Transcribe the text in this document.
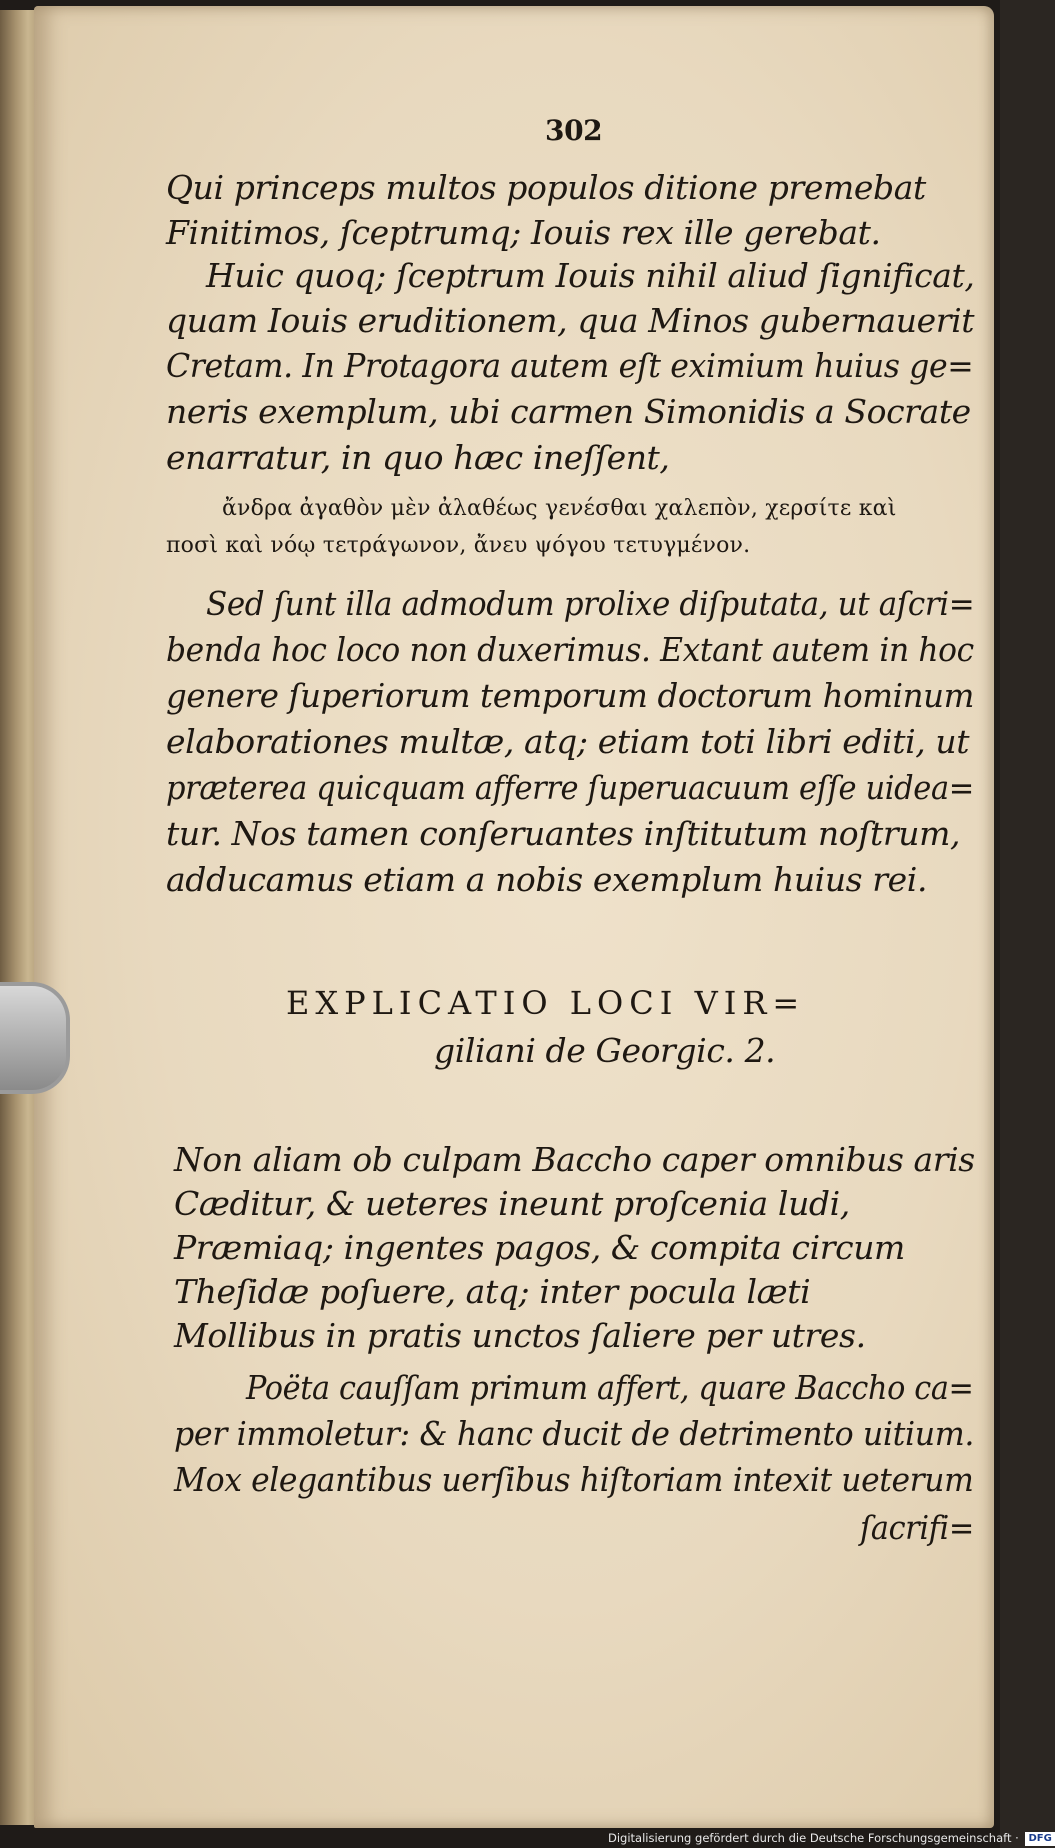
302

Qui princeps multos populos ditione premebat

Finitimos, ſceptrumq; Iouis rex ille gerebat.

Huic quoq; ſceptrum Iouis nihil aliud ſignificat,

quam Iouis eruditionem, qua Minos gubernauerit

Cretam. In Protagora autem eſt eximium huius ge=

neris exemplum, ubi carmen Simonidis a Socrate

enarratur, in quo hæc ineſſent,

ἄνδρα ἀγαθὸν μὲν ἀλαθέως γενέσθαι χαλεπὸν, χερσίτε καὶ

ποσὶ καὶ νόῳ τετράγωνον, ἄνευ ψόγου τετυγμένον.

Sed ſunt illa admodum prolixe diſputata, ut aſcri=

benda hoc loco non duxerimus. Extant autem in hoc

genere ſuperiorum temporum doctorum hominum

elaborationes multæ, atq; etiam toti libri editi, ut

præterea quicquam afferre ſuperuacuum eſſe uidea=

tur. Nos tamen conſeruantes inſtitutum noſtrum,

adducamus etiam a nobis exemplum huius rei.

EXPLICATIO LOCI VIR=

giliani de Georgic. 2.

Non aliam ob culpam Baccho caper omnibus aris

Cæditur, & ueteres ineunt proſcenia ludi,

Præmiaq; ingentes pagos, & compita circum

Theſidæ poſuere, atq; inter pocula læti

Mollibus in pratis unctos ſaliere per utres.

Poëta cauſſam primum affert, quare Baccho ca=

per immoletur: & hanc ducit de detrimento uitium.

Mox elegantibus uerſibus hiſtoriam intexit ueterum

ſacrifi=

Digitalisierung gefördert durch die Deutsche Forschungsgemeinschaft · DFG
